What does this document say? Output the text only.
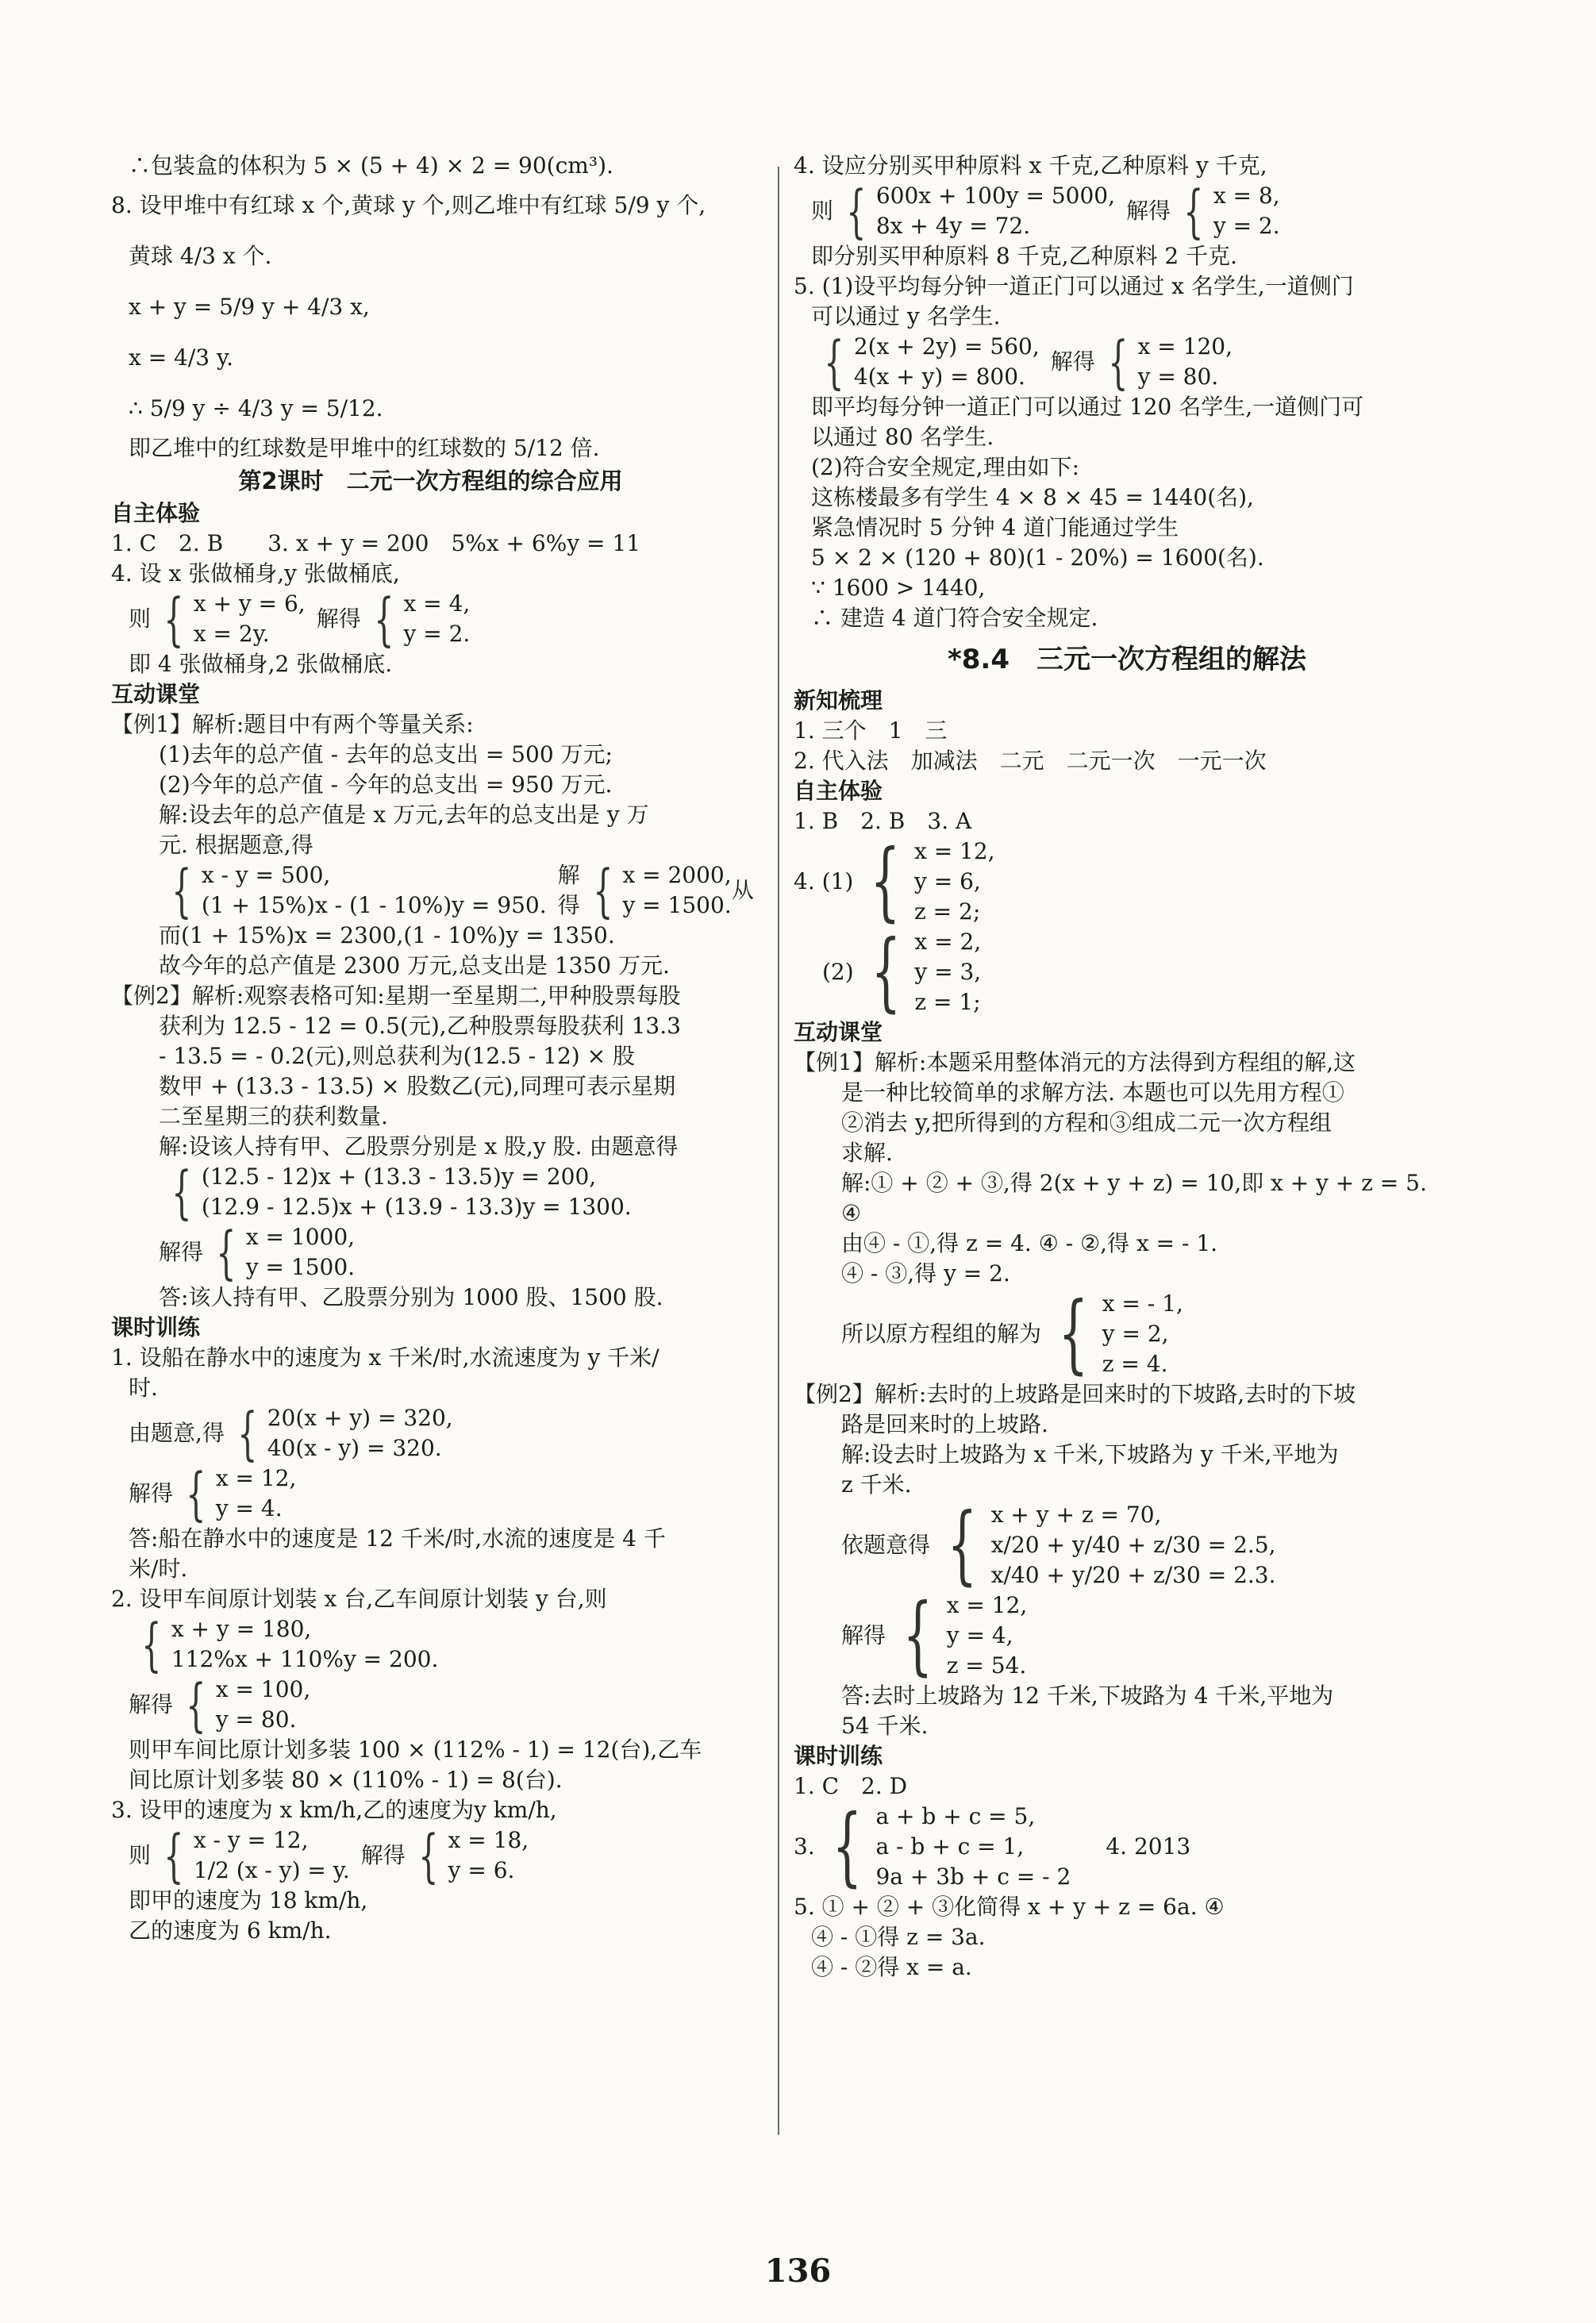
∴包装盒的体积为 5 × (5 + 4) × 2 = 90(cm³).
8. 设甲堆中有红球 x 个,黄球 y 个,则乙堆中有红球 5/9 y 个,
黄球 4/3 x 个.
x + y = 5/9 y + 4/3 x,
x = 4/3 y.
∴ 5/9 y ÷ 4/3 y = 5/12.
即乙堆中的红球数是甲堆中的红球数的 5/12 倍.
第2课时　二元一次方程组的综合应用
自主体验
1. C　2. B　　3. x + y = 200　5%x + 6%y = 11
4. 设 x 张做桶身,y 张做桶底,
则 { x + y = 6,
x = 2y.
解得 { x = 4,
y = 2.
即 4 张做桶身,2 张做桶底.
互动课堂
【例1】解析:题目中有两个等量关系:
(1)去年的总产值 - 去年的总支出 = 500 万元;
(2)今年的总产值 - 今年的总支出 = 950 万元.
解:设去年的总产值是 x 万元,去年的总支出是 y 万
元. 根据题意,得
{ x - y = 500,
(1 + 15%)x - (1 - 10%)y = 950.
解得 { x = 2000,
y = 1500.
从
而(1 + 15%)x = 2300,(1 - 10%)y = 1350.
故今年的总产值是 2300 万元,总支出是 1350 万元.
【例2】解析:观察表格可知:星期一至星期二,甲种股票每股
获利为 12.5 - 12 = 0.5(元),乙种股票每股获利 13.3
- 13.5 = - 0.2(元),则总获利为(12.5 - 12) × 股
数甲 + (13.3 - 13.5) × 股数乙(元),同理可表示星期
二至星期三的获利数量.
解:设该人持有甲、乙股票分别是 x 股,y 股. 由题意得
{ (12.5 - 12)x + (13.3 - 13.5)y = 200,
(12.9 - 12.5)x + (13.9 - 13.3)y = 1300.
解得 { x = 1000,
y = 1500.
答:该人持有甲、乙股票分别为 1000 股、1500 股.
课时训练
1. 设船在静水中的速度为 x 千米/时,水流速度为 y 千米/
时.
由题意,得 { 20(x + y) = 320,
40(x - y) = 320.
解得 { x = 12,
y = 4.
答:船在静水中的速度是 12 千米/时,水流的速度是 4 千
米/时.
2. 设甲车间原计划装 x 台,乙车间原计划装 y 台,则
{ x + y = 180,
112%x + 110%y = 200.
解得 { x = 100,
y = 80.
则甲车间比原计划多装 100 × (112% - 1) = 12(台),乙车
间比原计划多装 80 × (110% - 1) = 8(台).
3. 设甲的速度为 x km/h,乙的速度为y km/h,
则 { x - y = 12,
1/2 (x - y) = y.
解得 { x = 18,
y = 6.
即甲的速度为 18 km/h,
乙的速度为 6 km/h.
4. 设应分别买甲种原料 x 千克,乙种原料 y 千克,
则 { 600x + 100y = 5000,
8x + 4y = 72.
解得 { x = 8,
y = 2.
即分别买甲种原料 8 千克,乙种原料 2 千克.
5. (1)设平均每分钟一道正门可以通过 x 名学生,一道侧门
可以通过 y 名学生.
{ 2(x + 2y) = 560,
4(x + y) = 800.
解得 { x = 120,
y = 80.
即平均每分钟一道正门可以通过 120 名学生,一道侧门可
以通过 80 名学生.
(2)符合安全规定,理由如下:
这栋楼最多有学生 4 × 8 × 45 = 1440(名),
紧急情况时 5 分钟 4 道门能通过学生
5 × 2 × (120 + 80)(1 - 20%) = 1600(名).
∵ 1600 > 1440,
∴ 建造 4 道门符合安全规定.
*8.4　三元一次方程组的解法
新知梳理
1. 三个　1　三
2. 代入法　加减法　二元　二元一次　一元一次
自主体验
1. B　2. B　3. A
4. (1) { x = 12,
y = 6,
z = 2;
(2) { x = 2,
y = 3,
z = 1;
互动课堂
【例1】解析:本题采用整体消元的方法得到方程组的解,这
是一种比较简单的求解方法. 本题也可以先用方程①
②消去 y,把所得到的方程和③组成二元一次方程组
求解.
解:① + ② + ③,得 2(x + y + z) = 10,即 x + y + z = 5.
④
由④ - ①,得 z = 4. ④ - ②,得 x = - 1.
④ - ③,得 y = 2.
所以原方程组的解为 { x = - 1,
y = 2,
z = 4.
【例2】解析:去时的上坡路是回来时的下坡路,去时的下坡
路是回来时的上坡路.
解:设去时上坡路为 x 千米,下坡路为 y 千米,平地为
z 千米.
依题意得 { x + y + z = 70,
x/20 + y/40 + z/30 = 2.5,
x/40 + y/20 + z/30 = 2.3.
解得 { x = 12,
y = 4,
z = 54.
答:去时上坡路为 12 千米,下坡路为 4 千米,平地为
54 千米.
课时训练
1. C　2. D
3. { a + b + c = 5,
a - b + c = 1,
9a + 3b + c = - 2
4. 2013
5. ① + ② + ③化简得 x + y + z = 6a. ④
④ - ①得 z = 3a.
④ - ②得 x = a.
136
